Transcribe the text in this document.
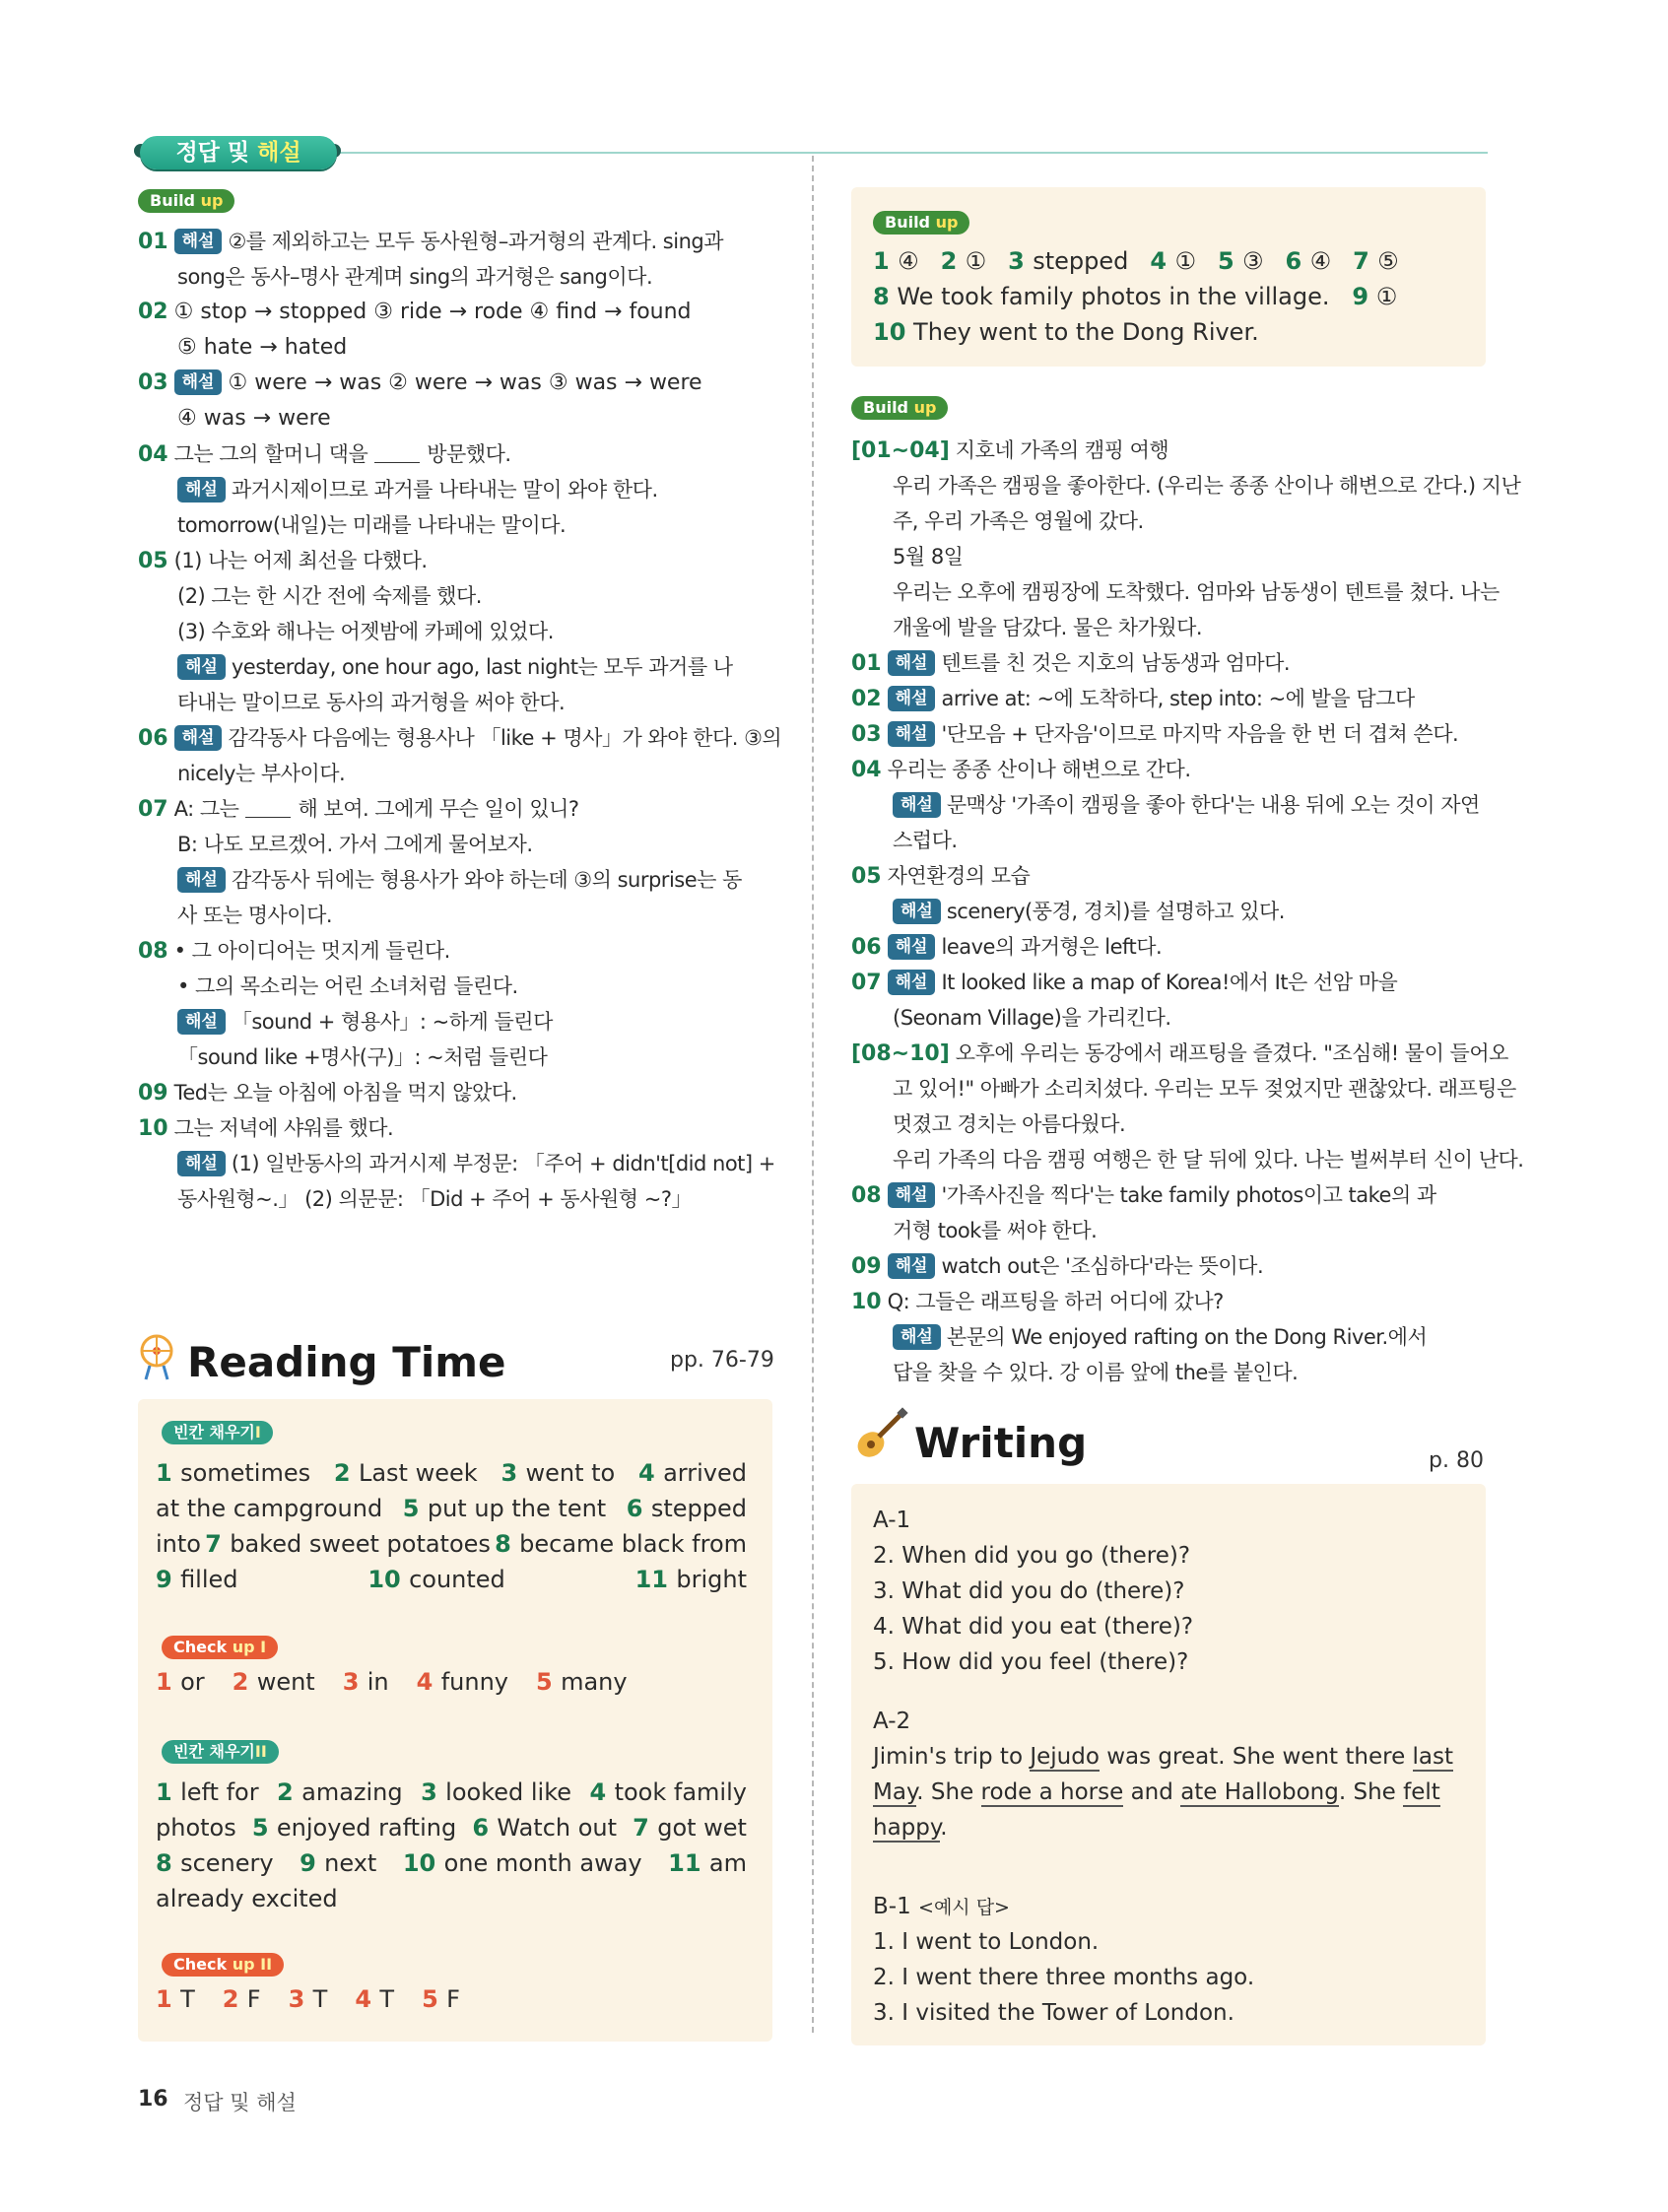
정답 및 해설
Build up
01 해설 ②를 제외하고는 모두 동사원형–과거형의 관계다. sing과
song은 동사–명사 관계며 sing의 과거형은 sang이다.
02 ① stop → stopped ③ ride → rode ④ find → found
⑤ hate → hated
03 해설 ① were → was ② were → was ③ was → were
④ was → were
04 그는 그의 할머니 댁을	방문했다.
해설 과거시제이므로 과거를 나타내는 말이 와야 한다.
tomorrow(내일)는 미래를 나타내는 말이다.
05 (1) 나는 어제 최선을 다했다.
(2) 그는 한 시간 전에 숙제를 했다.
(3) 수호와 해나는 어젯밤에 카페에 있었다.
해설 yesterday, one hour ago, last night는 모두 과거를 나
타내는 말이므로 동사의 과거형을 써야 한다.
06 해설 감각동사 다음에는 형용사나 「like + 명사」가 와야 한다. ③의
nicely는 부사이다.
07 A: 그는	해 보여. 그에게 무슨 일이 있니?
B: 나도 모르겠어. 가서 그에게 물어보자.
해설 감각동사 뒤에는 형용사가 와야 하는데 ③의 surprise는 동
사 또는 명사이다.
08 • 그 아이디어는 멋지게 들린다.
• 그의 목소리는 어린 소녀처럼 들린다.
해설 「sound + 형용사」: ~하게 들린다
「sound like +명사(구)」: ~처럼 들린다
09 Ted는 오늘 아침에 아침을 먹지 않았다.
10 그는 저녁에 샤워를 했다.
해설 (1) 일반동사의 과거시제 부정문: 「주어 + didn't[did not] +
동사원형~.」 (2) 의문문: 「Did + 주어 + 동사원형 ~?」
Reading Time	pp. 76-79
빈칸 채우기I
1 sometimes 2 Last week 3 went to 4 arrived
at the campground 5 put up the tent 6 stepped
into 7 baked sweet potatoes 8 became black from
9 filled	10 counted	11 bright
Check up I
1 or 2 went 3 in 4 funny 5 many
빈칸 채우기II
1 left for 2 amazing 3 looked like 4 took family
photos 5 enjoyed rafting 6 Watch out 7 got wet
8 scenery 9 next 10 one month away 11 am
already excited
Check up II
1 T 2 F 3 T 4 T 5 F
Build up
1 ④ 2 ① 3 stepped 4 ① 5 ③ 6 ④ 7 ⑤
8 We took family photos in the village. 9 ①
10 They went to the Dong River.
Build up
[01~04] 지호네 가족의 캠핑 여행
우리 가족은 캠핑을 좋아한다. (우리는 종종 산이나 해변으로 간다.) 지난
주, 우리 가족은 영월에 갔다.
5월 8일
우리는 오후에 캠핑장에 도착했다. 엄마와 남동생이 텐트를 쳤다. 나는
개울에 발을 담갔다. 물은 차가웠다.
01 해설 텐트를 친 것은 지호의 남동생과 엄마다.
02 해설 arrive at: ~에 도착하다, step into: ~에 발을 담그다
03 해설 '단모음 + 단자음'이므로 마지막 자음을 한 번 더 겹쳐 쓴다.
04 우리는 종종 산이나 해변으로 간다.
해설 문맥상 '가족이 캠핑을 좋아 한다'는 내용 뒤에 오는 것이 자연
스럽다.
05 자연환경의 모습
해설 scenery(풍경, 경치)를 설명하고 있다.
06 해설 leave의 과거형은 left다.
07 해설 It looked like a map of Korea!에서 It은 선암 마을
(Seonam Village)을 가리킨다.
[08~10] 오후에 우리는 동강에서 래프팅을 즐겼다. "조심해! 물이 들어오
고 있어!" 아빠가 소리치셨다. 우리는 모두 젖었지만 괜찮았다. 래프팅은
멋졌고 경치는 아름다웠다.
우리 가족의 다음 캠핑 여행은 한 달 뒤에 있다. 나는 벌써부터 신이 난다.
08 해설 '가족사진을 찍다'는 take family photos이고 take의 과
거형 took를 써야 한다.
09 해설 watch out은 '조심하다'라는 뜻이다.
10 Q: 그들은 래프팅을 하러 어디에 갔나?
해설 본문의 We enjoyed rafting on the Dong River.에서
답을 찾을 수 있다. 강 이름 앞에 the를 붙인다.
Writing	p. 80
A-1
2. When did you go (there)?
3. What did you do (there)?
4. What did you eat (there)?
5. How did you feel (there)?
A-2
Jimin's trip to Jejudo was great. She went there last
May. She rode a horse and ate Hallobong. She felt
happy.
B-1 <예시 답>
1. I went to London.
2. I went there three months ago.
3. I visited the Tower of London.
16 정답 및 해설
